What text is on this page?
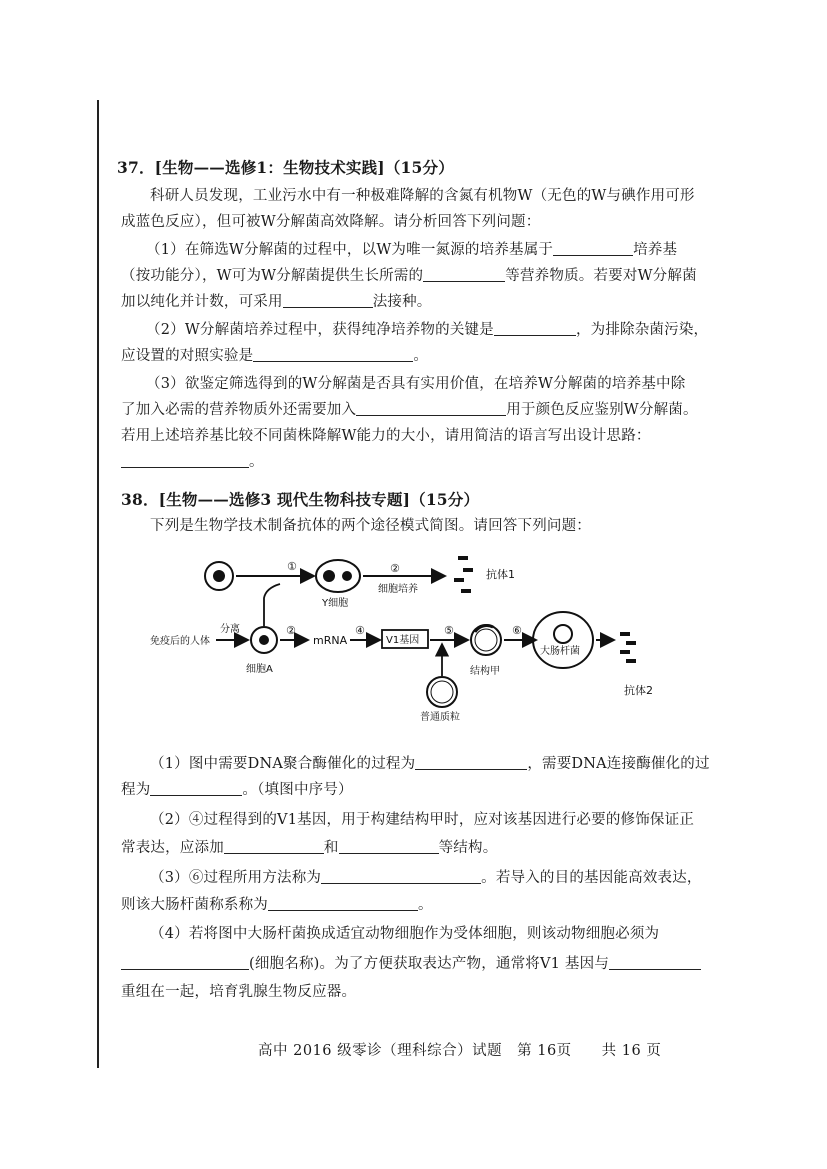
37．[生物——选修1：生物技术实践]（15分）
科研人员发现，工业污水中有一种极难降解的含氮有机物W（无色的W与碘作用可形
成蓝色反应），但可被W分解菌高效降解。请分析回答下列问题：
（1）在筛选W分解菌的过程中，以W为唯一氮源的培养基属于	培养基
（按功能分），W可为W分解菌提供生长所需的	等营养物质。若要对W分解菌
加以纯化并计数，可采用	法接种。
（2）W分解菌培养过程中，获得纯净培养物的关键是	，为排除杂菌污染，
应设置的对照实验是	。
（3）欲鉴定筛选得到的W分解菌是否具有实用价值，在培养W分解菌的培养基中除
了加入必需的营养物质外还需要加入	用于颜色反应鉴别W分解菌。
若用上述培养基比较不同菌株降解W能力的大小，请用简洁的语言写出设计思路：
。
38．[生物——选修3 现代生物科技专题]（15分）
下列是生物学技术制备抗体的两个途径模式简图。请回答下列问题：
①
Y细胞
②
细胞培养
抗体1
免疫后的人体
分离
细胞A
②
mRNA
④
V1基因
⑤
结构甲
⑥
大肠杆菌
抗体2
普通质粒
（1）图中需要DNA聚合酶催化的过程为	，需要DNA连接酶催化的过
程为	。（填图中序号）
（2）④过程得到的V1基因，用于构建结构甲时，应对该基因进行必要的修饰保证正
常表达，应添加	和	等结构。
（3）⑥过程所用方法称为	。若导入的目的基因能高效表达，
则该大肠杆菌称系称为	。
（4）若将图中大肠杆菌换成适宜动物细胞作为受体细胞，则该动物细胞必须为
(细胞名称)。为了方便获取表达产物，通常将V1 基因与
重组在一起，培育乳腺生物反应器。
高中 2016 级零诊（理科综合）试题　第 16页　　共 16 页
